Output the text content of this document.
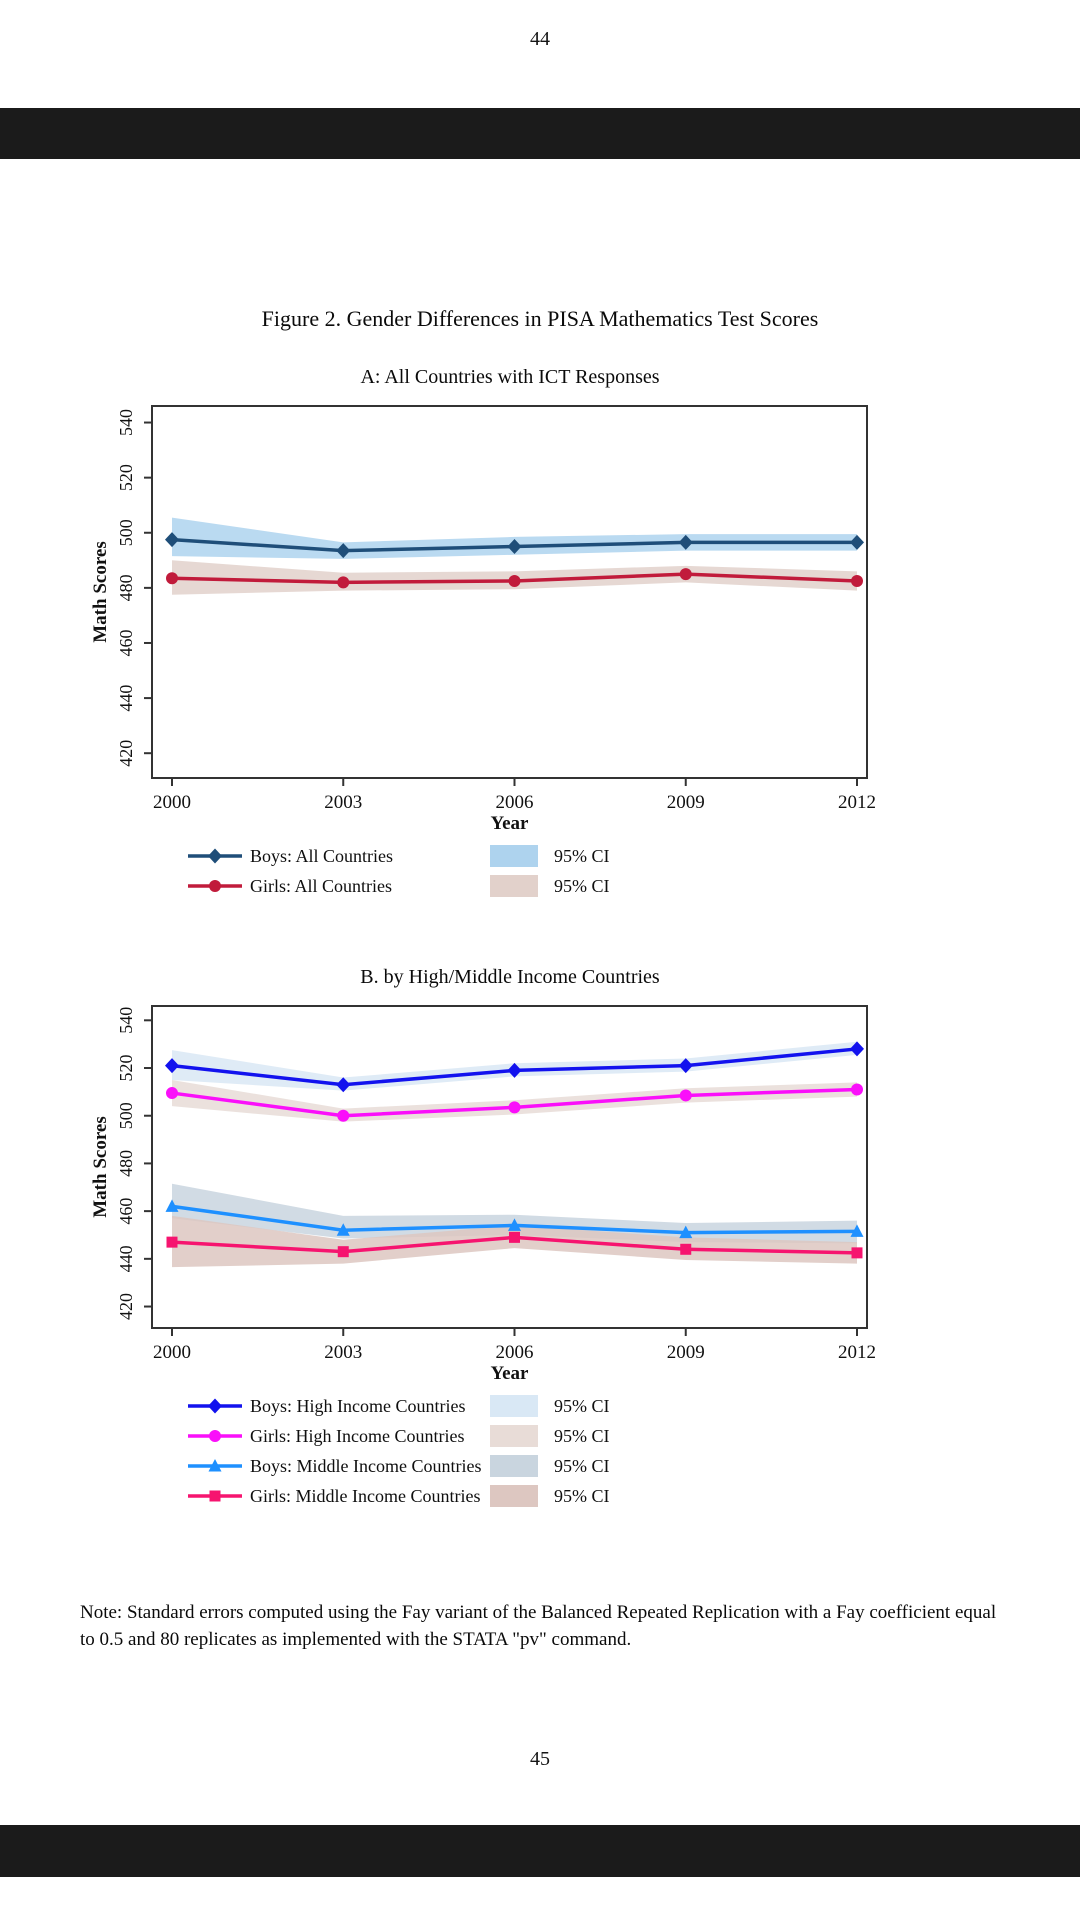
44
Figure 2. Gender Differences in PISA Mathematics Test Scores
A: All Countries with ICT Responses
420
440
460
480
500
520
540
Math Scores
2000	2003	2006	2009	2012
Year
Boys: All Countries	95% CI
Girls: All Countries	95% CI
B. by High/Middle Income Countries
420
440
460
480
500
520
540
Math Scores
2000	2003	2006	2009	2012
Year
Boys: High Income Countries	95% CI
Girls: High Income Countries	95% CI
Boys: Middle Income Countries	95% CI
Girls: Middle Income Countries	95% CI
Note: Standard errors computed using the Fay variant of the Balanced Repeated Replication with a Fay coefficient equal to 0.5 and 80 replicates as implemented with the STATA "pv" command.
45
